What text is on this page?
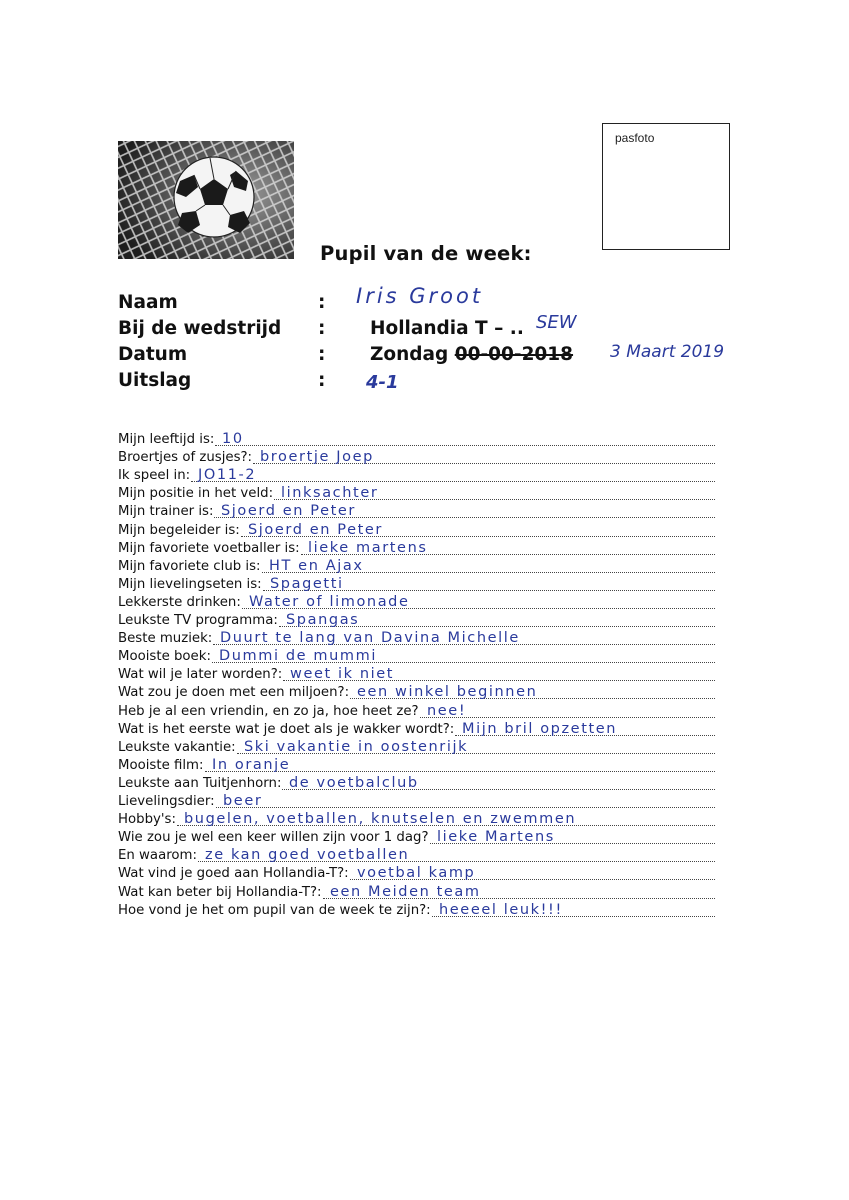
pasfoto
Pupil van de week:
Naam	: Iris Groot
Bij de wedstrijd : Hollandia T – .. SEW
Datum	: Zondag 00-00-2018 3 Maart 2019
Uitslag	: 4-1
Mijn leeftijd is: 10
Broertjes of zusjes?: broertje Joep
Ik speel in: JO11-2
Mijn positie in het veld: linksachter
Mijn trainer is: Sjoerd en Peter
Mijn begeleider is: Sjoerd en Peter
Mijn favoriete voetballer is: lieke martens
Mijn favoriete club is: HT en Ajax
Mijn lievelingseten is: Spagetti
Lekkerste drinken: Water of limonade
Leukste TV programma: Spangas
Beste muziek: Duurt te lang van Davina Michelle
Mooiste boek: Dummi de mummi
Wat wil je later worden?: weet ik niet
Wat zou je doen met een miljoen?: een winkel beginnen
Heb je al een vriendin, en zo ja, hoe heet ze? nee!
Wat is het eerste wat je doet als je wakker wordt?: Mijn bril opzetten
Leukste vakantie: Ski vakantie in oostenrijk
Mooiste film: In oranje
Leukste aan Tuitjenhorn: de voetbalclub
Lievelingsdier: beer
Hobby's: bugelen, voetballen, knutselen en zwemmen
Wie zou je wel een keer willen zijn voor 1 dag? lieke Martens
En waarom: ze kan goed voetballen
Wat vind je goed aan Hollandia-T?: voetbal kamp
Wat kan beter bij Hollandia-T?: een Meiden team
Hoe vond je het om pupil van de week te zijn?: heeeel leuk!!!
